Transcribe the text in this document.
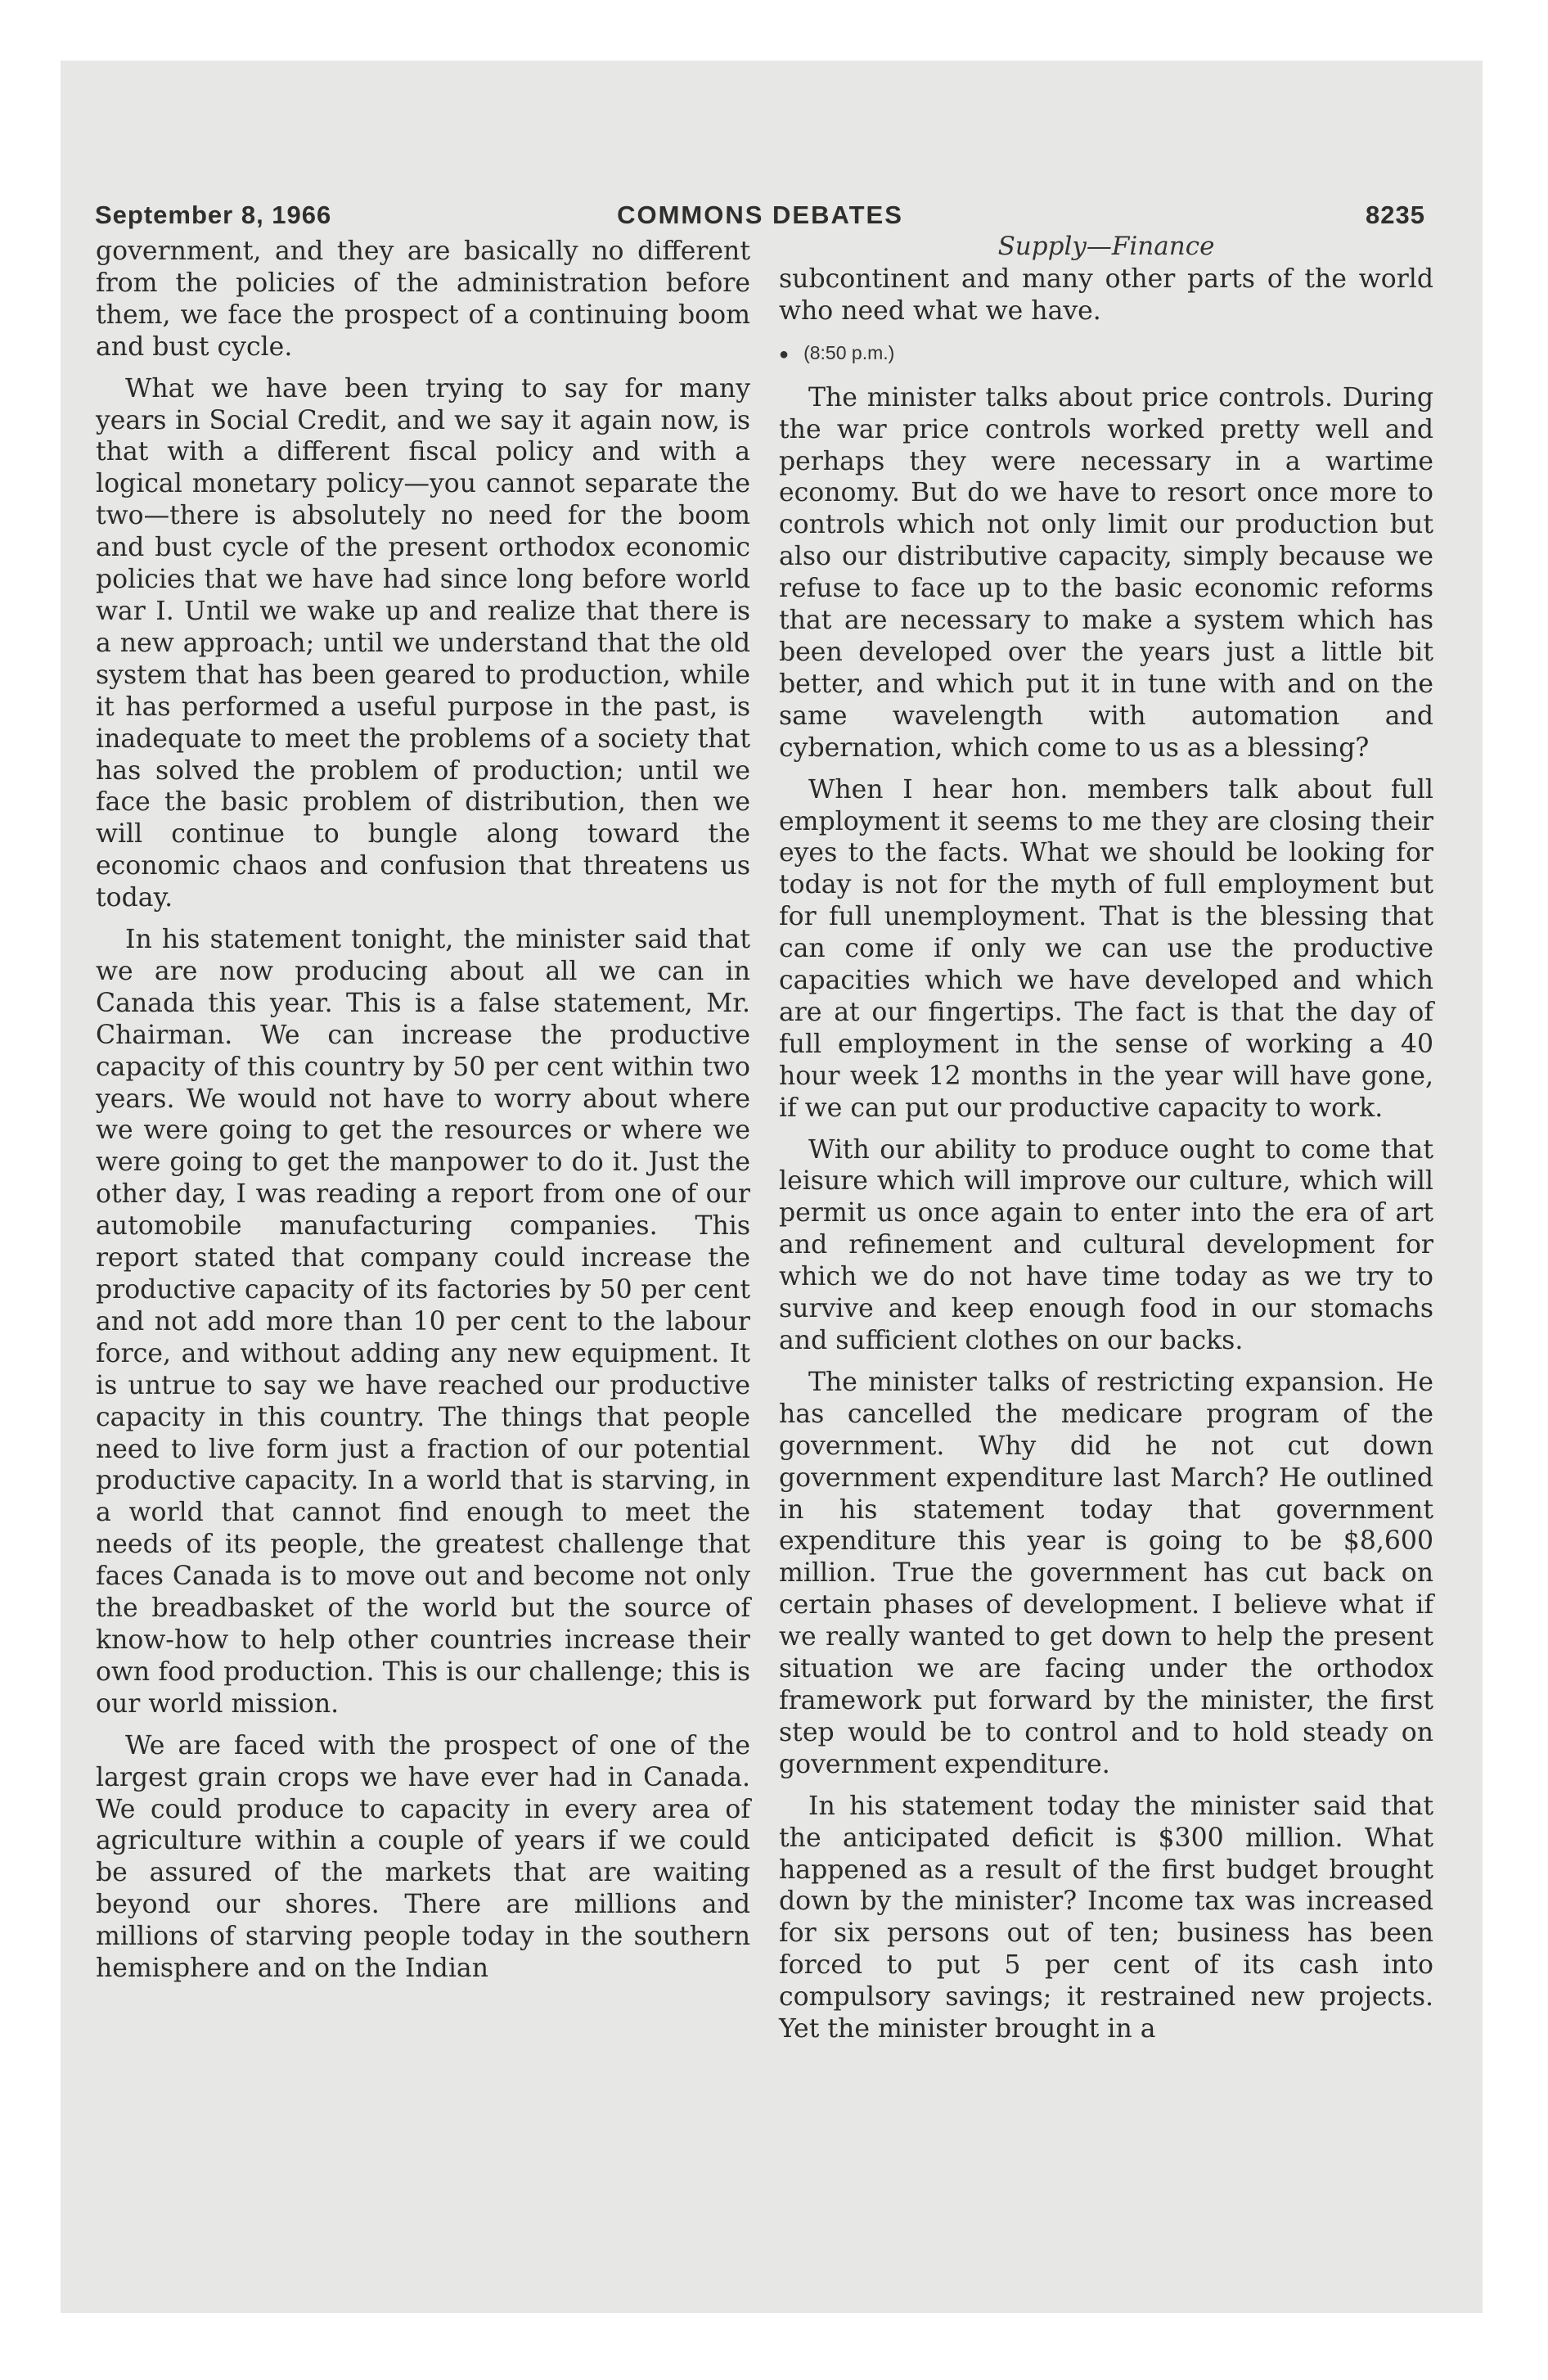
September 8, 1966	COMMONS DEBATES	8235

government, and they are basically no different from the policies of the administration before them, we face the prospect of a continuing boom and bust cycle.

What we have been trying to say for many years in Social Credit, and we say it again now, is that with a different fiscal policy and with a logical monetary policy—you cannot separate the two—there is absolutely no need for the boom and bust cycle of the present orthodox economic policies that we have had since long before world war I. Until we wake up and realize that there is a new approach; until we understand that the old system that has been geared to production, while it has performed a useful purpose in the past, is inadequate to meet the problems of a society that has solved the problem of production; until we face the basic problem of distribution, then we will continue to bungle along toward the economic chaos and confusion that threatens us today.

In his statement tonight, the minister said that we are now producing about all we can in Canada this year. This is a false statement, Mr. Chairman. We can increase the productive capacity of this country by 50 per cent within two years. We would not have to worry about where we were going to get the resources or where we were going to get the manpower to do it. Just the other day, I was reading a report from one of our automobile manufacturing companies. This report stated that company could increase the productive capacity of its factories by 50 per cent and not add more than 10 per cent to the labour force, and without adding any new equipment. It is untrue to say we have reached our productive capacity in this country. The things that people need to live form just a fraction of our potential productive capacity. In a world that is starving, in a world that cannot find enough to meet the needs of its people, the greatest challenge that faces Canada is to move out and become not only the breadbasket of the world but the source of know-how to help other countries increase their own food production. This is our challenge; this is our world mission.

We are faced with the prospect of one of the largest grain crops we have ever had in Canada. We could produce to capacity in every area of agriculture within a couple of years if we could be assured of the markets that are waiting beyond our shores. There are millions and millions of starving people today in the southern hemisphere and on the Indian

Supply—Finance

subcontinent and many other parts of the world who need what we have.

● (8:50 p.m.)

The minister talks about price controls. During the war price controls worked pretty well and perhaps they were necessary in a wartime economy. But do we have to resort once more to controls which not only limit our production but also our distributive capacity, simply because we refuse to face up to the basic economic reforms that are necessary to make a system which has been developed over the years just a little bit better, and which put it in tune with and on the same wavelength with automation and cybernation, which come to us as a blessing?

When I hear hon. members talk about full employment it seems to me they are closing their eyes to the facts. What we should be looking for today is not for the myth of full employment but for full unemployment. That is the blessing that can come if only we can use the productive capacities which we have developed and which are at our fingertips. The fact is that the day of full employment in the sense of working a 40 hour week 12 months in the year will have gone, if we can put our productive capacity to work.

With our ability to produce ought to come that leisure which will improve our culture, which will permit us once again to enter into the era of art and refinement and cultural development for which we do not have time today as we try to survive and keep enough food in our stomachs and sufficient clothes on our backs.

The minister talks of restricting expansion. He has cancelled the medicare program of the government. Why did he not cut down government expenditure last March? He outlined in his statement today that government expenditure this year is going to be $8,600 million. True the government has cut back on certain phases of development. I believe what if we really wanted to get down to help the present situation we are facing under the orthodox framework put forward by the minister, the first step would be to control and to hold steady on government expenditure.

In his statement today the minister said that the anticipated deficit is $300 million. What happened as a result of the first budget brought down by the minister? Income tax was increased for six persons out of ten; business has been forced to put 5 per cent of its cash into compulsory savings; it restrained new projects. Yet the minister brought in a
